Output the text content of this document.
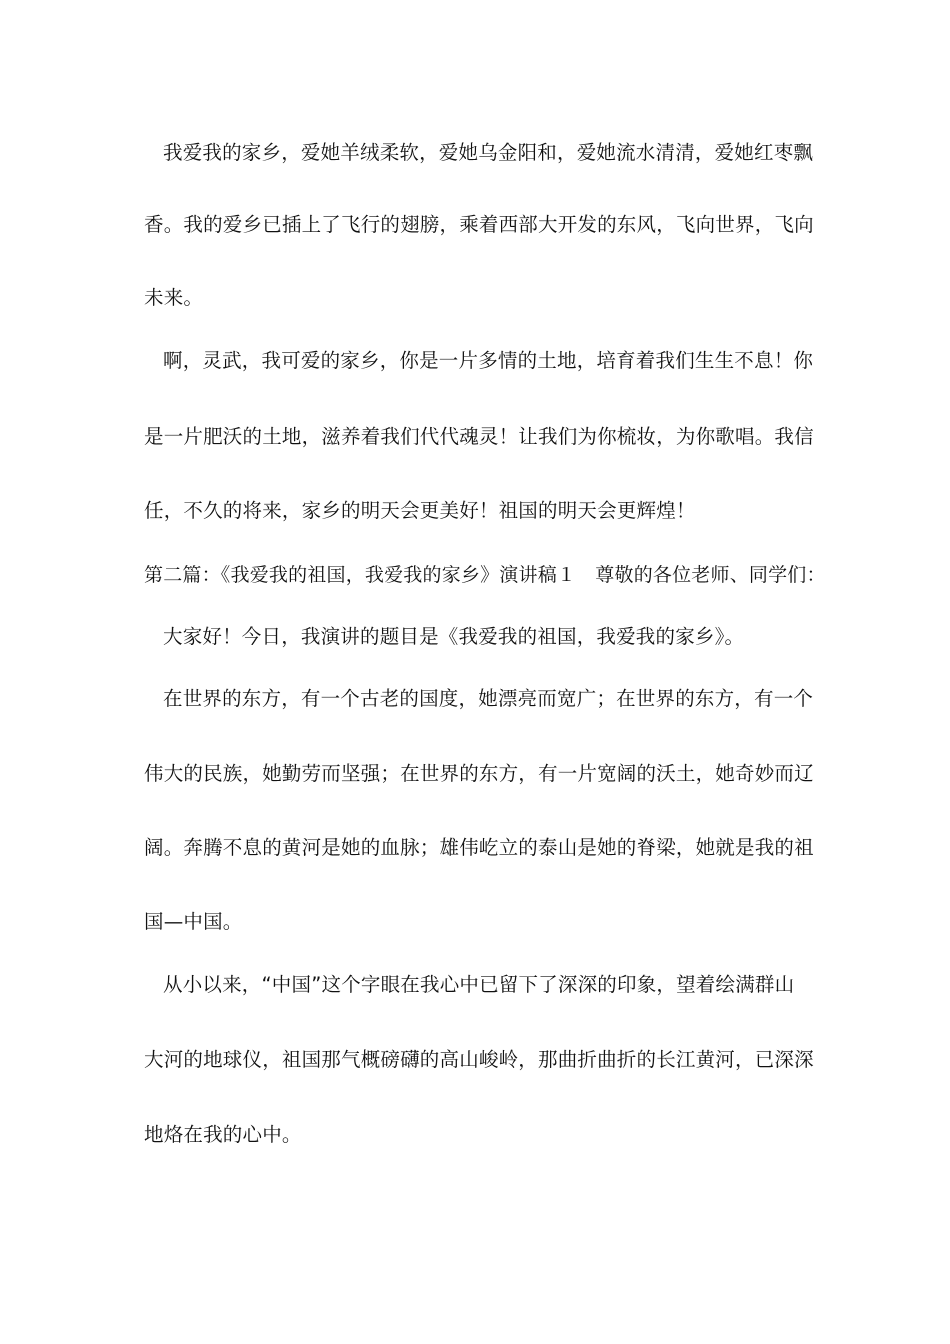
我爱我的家乡，爱她羊绒柔软，爱她乌金阳和，爱她流水清清，爱她红枣飘
香。我的爱乡已插上了飞行的翅膀，乘着西部大开发的东风，飞向世界，飞向
未来。
啊，灵武，我可爱的家乡，你是一片多情的土地，培育着我们生生不息！你
是一片肥沃的土地，滋养着我们代代魂灵！让我们为你梳妆，为你歌唱。我信
任，不久的将来，家乡的明天会更美好！祖国的明天会更辉煌！
第二篇：《我爱我的祖国，我爱我的家乡》演讲稿１　尊敬的各位老师、同学们：
大家好！今日，我演讲的题目是《我爱我的祖国，我爱我的家乡》。
在世界的东方，有一个古老的国度，她漂亮而宽广；在世界的东方，有一个
伟大的民族，她勤劳而坚强；在世界的东方，有一片宽阔的沃土，她奇妙而辽
阔。奔腾不息的黄河是她的血脉；雄伟屹立的泰山是她的脊梁，她就是我的祖
国—中国。
从小以来，“中国”这个字眼在我心中已留下了深深的印象，望着绘满群山
大河的地球仪，祖国那气概磅礴的高山峻岭，那曲折曲折的长江黄河，已深深
地烙在我的心中。
